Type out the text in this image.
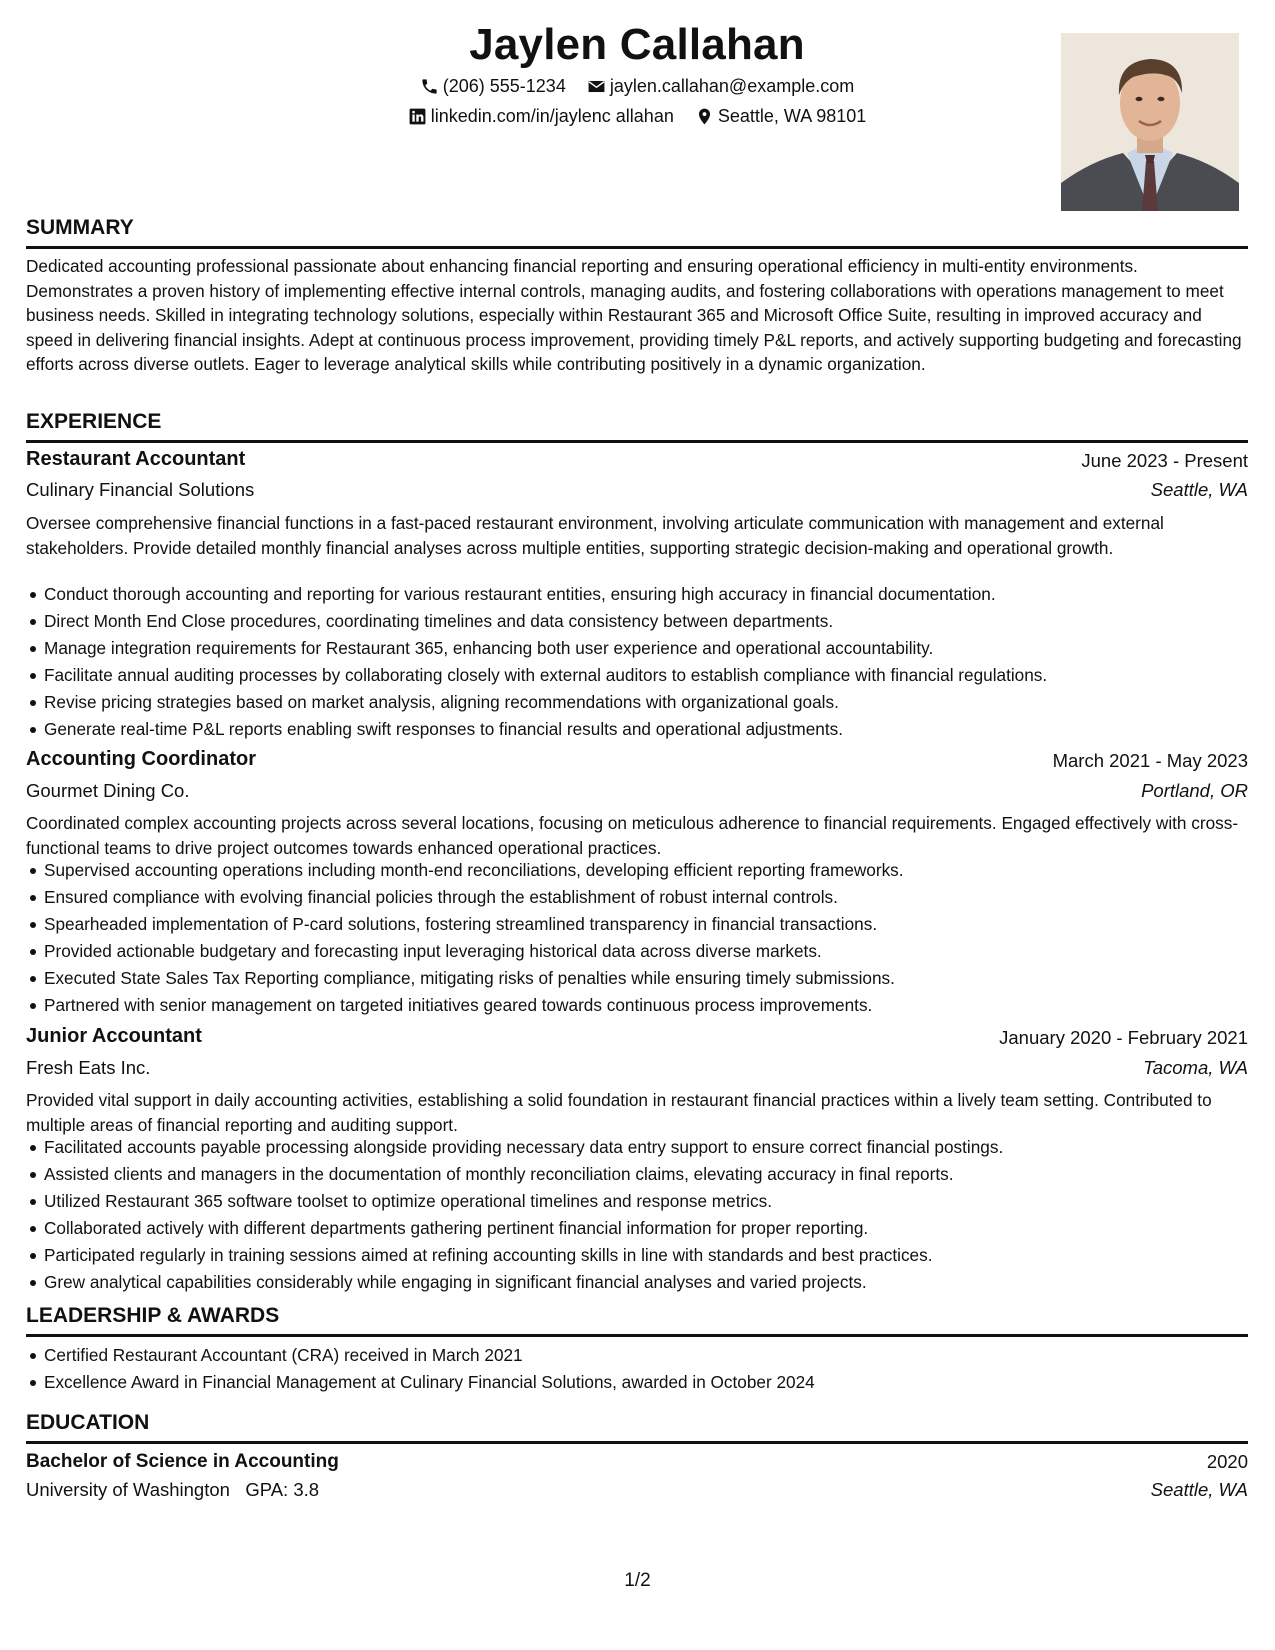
Jaylen Callahan
(206) 555-1234
jaylen.callahan@example.com
linkedin.com/in/jaylenc allahan
Seattle, WA 98101
SUMMARY
Dedicated accounting professional passionate about enhancing financial reporting and ensuring operational efficiency in multi-entity environments. Demonstrates a proven history of implementing effective internal controls, managing audits, and fostering collaborations with operations management to meet business needs. Skilled in integrating technology solutions, especially within Restaurant 365 and Microsoft Office Suite, resulting in improved accuracy and speed in delivering financial insights. Adept at continuous process improvement, providing timely P&L reports, and actively supporting budgeting and forecasting efforts across diverse outlets. Eager to leverage analytical skills while contributing positively in a dynamic organization.
EXPERIENCE
Restaurant Accountant	June 2023 - Present
Culinary Financial Solutions	Seattle, WA
Oversee comprehensive financial functions in a fast-paced restaurant environment, involving articulate communication with management and external stakeholders. Provide detailed monthly financial analyses across multiple entities, supporting strategic decision-making and operational growth.
Conduct thorough accounting and reporting for various restaurant entities, ensuring high accuracy in financial documentation.
Direct Month End Close procedures, coordinating timelines and data consistency between departments.
Manage integration requirements for Restaurant 365, enhancing both user experience and operational accountability.
Facilitate annual auditing processes by collaborating closely with external auditors to establish compliance with financial regulations.
Revise pricing strategies based on market analysis, aligning recommendations with organizational goals.
Generate real-time P&L reports enabling swift responses to financial results and operational adjustments.
Accounting Coordinator	March 2021 - May 2023
Gourmet Dining Co.	Portland, OR
Coordinated complex accounting projects across several locations, focusing on meticulous adherence to financial requirements. Engaged effectively with cross-functional teams to drive project outcomes towards enhanced operational practices.
Supervised accounting operations including month-end reconciliations, developing efficient reporting frameworks.
Ensured compliance with evolving financial policies through the establishment of robust internal controls.
Spearheaded implementation of P-card solutions, fostering streamlined transparency in financial transactions.
Provided actionable budgetary and forecasting input leveraging historical data across diverse markets.
Executed State Sales Tax Reporting compliance, mitigating risks of penalties while ensuring timely submissions.
Partnered with senior management on targeted initiatives geared towards continuous process improvements.
Junior Accountant	January 2020 - February 2021
Fresh Eats Inc.	Tacoma, WA
Provided vital support in daily accounting activities, establishing a solid foundation in restaurant financial practices within a lively team setting. Contributed to multiple areas of financial reporting and auditing support.
Facilitated accounts payable processing alongside providing necessary data entry support to ensure correct financial postings.
Assisted clients and managers in the documentation of monthly reconciliation claims, elevating accuracy in final reports.
Utilized Restaurant 365 software toolset to optimize operational timelines and response metrics.
Collaborated actively with different departments gathering pertinent financial information for proper reporting.
Participated regularly in training sessions aimed at refining accounting skills in line with standards and best practices.
Grew analytical capabilities considerably while engaging in significant financial analyses and varied projects.
LEADERSHIP & AWARDS
Certified Restaurant Accountant (CRA) received in March 2021
Excellence Award in Financial Management at Culinary Financial Solutions, awarded in October 2024
EDUCATION
Bachelor of Science in Accounting	2020
University of Washington GPA: 3.8	Seattle, WA
1/2
